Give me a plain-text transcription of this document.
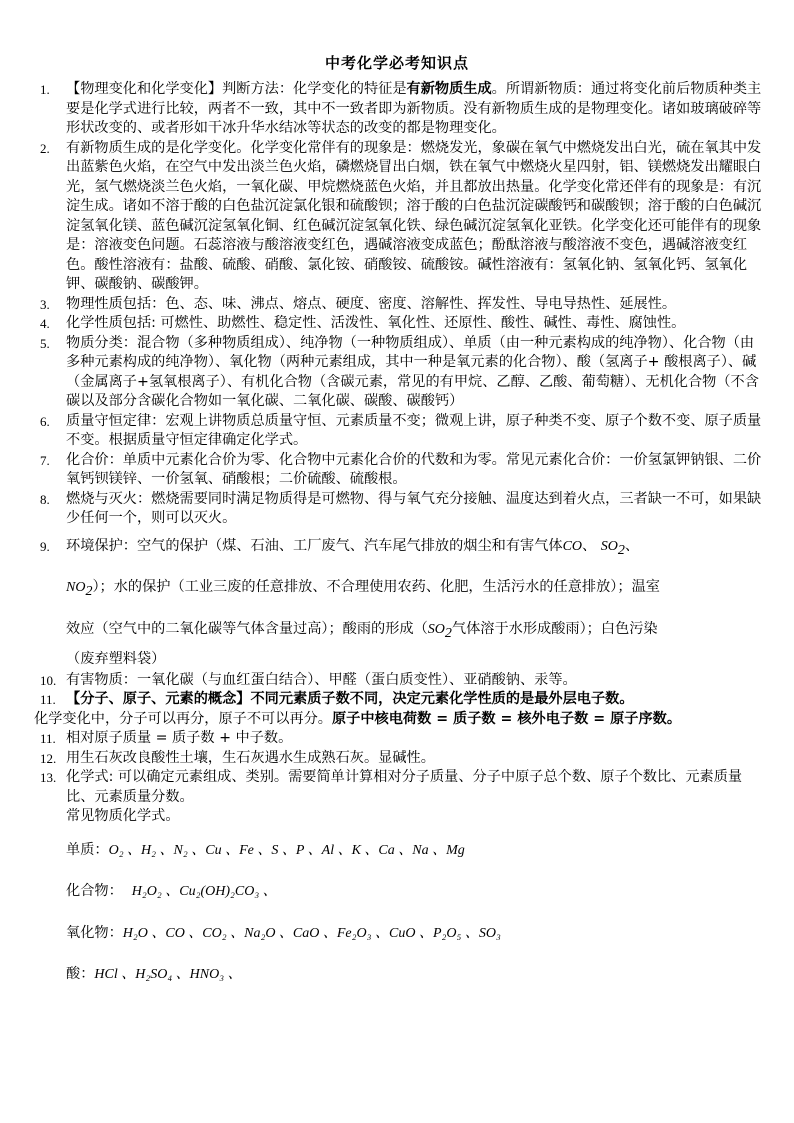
中考化学必考知识点
1.	【物理变化和化学变化】判断方法：化学变化的特征是有新物质生成。所谓新物质：通过将变化前后物质种类主要是化学式进行比较，两者不一致，其中不一致者即为新物质。没有新物质生成的是物理变化。诸如玻璃破碎等形状改变的、或者形如干冰升华水结冰等状态的改变的都是物理变化。
2.	有新物质生成的是化学变化。化学变化常伴有的现象是：燃烧发光，象碳在氧气中燃烧发出白光，硫在氧其中发出蓝紫色火焰，在空气中发出淡兰色火焰，磷燃烧冒出白烟，铁在氧气中燃烧火星四射，铝、镁燃烧发出耀眼白光，氢气燃烧淡兰色火焰，一氧化碳、甲烷燃烧蓝色火焰，并且都放出热量。化学变化常还伴有的现象是：有沉淀生成。诸如不溶于酸的白色盐沉淀氯化银和硫酸钡；溶于酸的白色盐沉淀碳酸钙和碳酸钡；溶于酸的白色碱沉淀氢氧化镁、蓝色碱沉淀氢氧化铜、红色碱沉淀氢氧化铁、绿色碱沉淀氢氧化亚铁。化学变化还可能伴有的现象是：溶液变色问题。石蕊溶液与酸溶液变红色，遇碱溶液变成蓝色；酚酞溶液与酸溶液不变色，遇碱溶液变红色。酸性溶液有：盐酸、硫酸、硝酸、氯化铵、硝酸铵、硫酸铵。碱性溶液有：氢氧化钠、氢氧化钙、氢氧化钾、碳酸钠、碳酸钾。
3.	物理性质包括：色、态、味、沸点、熔点、硬度、密度、溶解性、挥发性、导电导热性、延展性。
4.	化学性质包括: 可燃性、助燃性、稳定性、活泼性、氧化性、还原性、酸性、碱性、毒性、腐蚀性。
5.	物质分类：混合物（多种物质组成）、纯净物（一种物质组成）、单质（由一种元素构成的纯净物）、化合物（由多种元素构成的纯净物）、氧化物（两种元素组成，其中一种是氧元素的化合物）、酸（氢离子+ 酸根离子）、碱（金属离子+氢氧根离子）、有机化合物（含碳元素，常见的有甲烷、乙醇、乙酸、葡萄糖）、无机化合物（不含碳以及部分含碳化合物如一氧化碳、二氧化碳、碳酸、碳酸钙）
6.	质量守恒定律：宏观上讲物质总质量守恒、元素质量不变；微观上讲，原子种类不变、原子个数不变、原子质量不变。根据质量守恒定律确定化学式。
7.	化合价：单质中元素化合价为零、化合物中元素化合价的代数和为零。常见元素化合价：一价氢氯钾钠银、二价氧钙钡镁锌、一价氢氧、硝酸根；二价硫酸、硫酸根。
8.	燃烧与灭火：燃烧需要同时满足物质得是可燃物、得与氧气充分接触、温度达到着火点，三者缺一不可，如果缺少任何一个，则可以灭火。
9.	环境保护：空气的保护（煤、石油、工厂废气、汽车尾气排放的烟尘和有害气体CO、 $SO_2$、
$NO_2$）；水的保护（工业三废的任意排放、不合理使用农药、化肥，生活污水的任意排放）；温室
效应（空气中的二氧化碳等气体含量过高）；酸雨的形成（$SO_2$气体溶于水形成酸雨）；白色污染
（废弃塑料袋）
10. 有害物质：一氧化碳（与血红蛋白结合）、甲醛（蛋白质变性）、亚硝酸钠、汞等。
11. 【分子、原子、元素的概念】不同元素质子数不同，决定元素化学性质的是最外层电子数。
化学变化中，分子可以再分，原子不可以再分。原子中核电荷数 = 质子数 = 核外电子数 = 原子序数。
11. 相对原子质量 = 质子数 + 中子数。
12. 用生石灰改良酸性土壤，生石灰遇水生成熟石灰。显碱性。
13. 化学式: 可以确定元素组成、类别。需要简单计算相对分子质量、分子中原子总个数、原子个数比、元素质量比、元素质量分数。
常见物质化学式。
单质：O₂ 、H₂ 、N₂ 、Cu 、Fe 、S 、P 、Al 、K 、Ca 、Na 、Mg
化合物： H₂O₂ 、Cu₂(OH)₂CO₃ 、
氧化物：H₂O 、CO 、CO₂ 、Na₂O 、CaO 、Fe₂O₃ 、CuO 、P₂O₅ 、SO₃
酸：HCl 、H₂SO₄ 、HNO₃ 、
